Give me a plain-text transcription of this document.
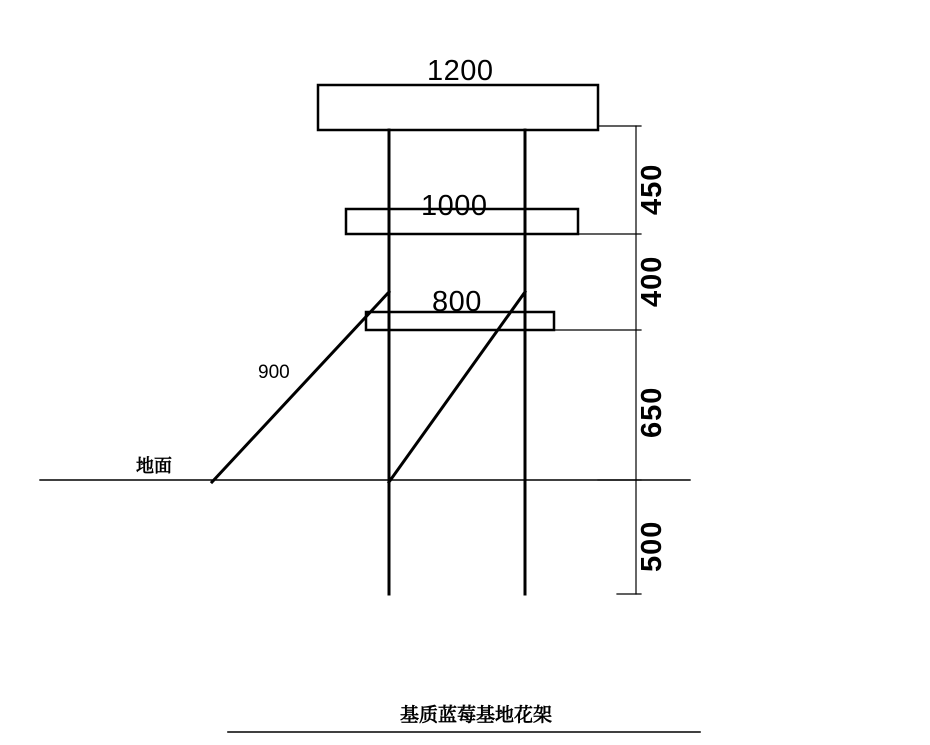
1200
1000
800
450
400
650
500
900
地面
基质蓝莓基地花架
